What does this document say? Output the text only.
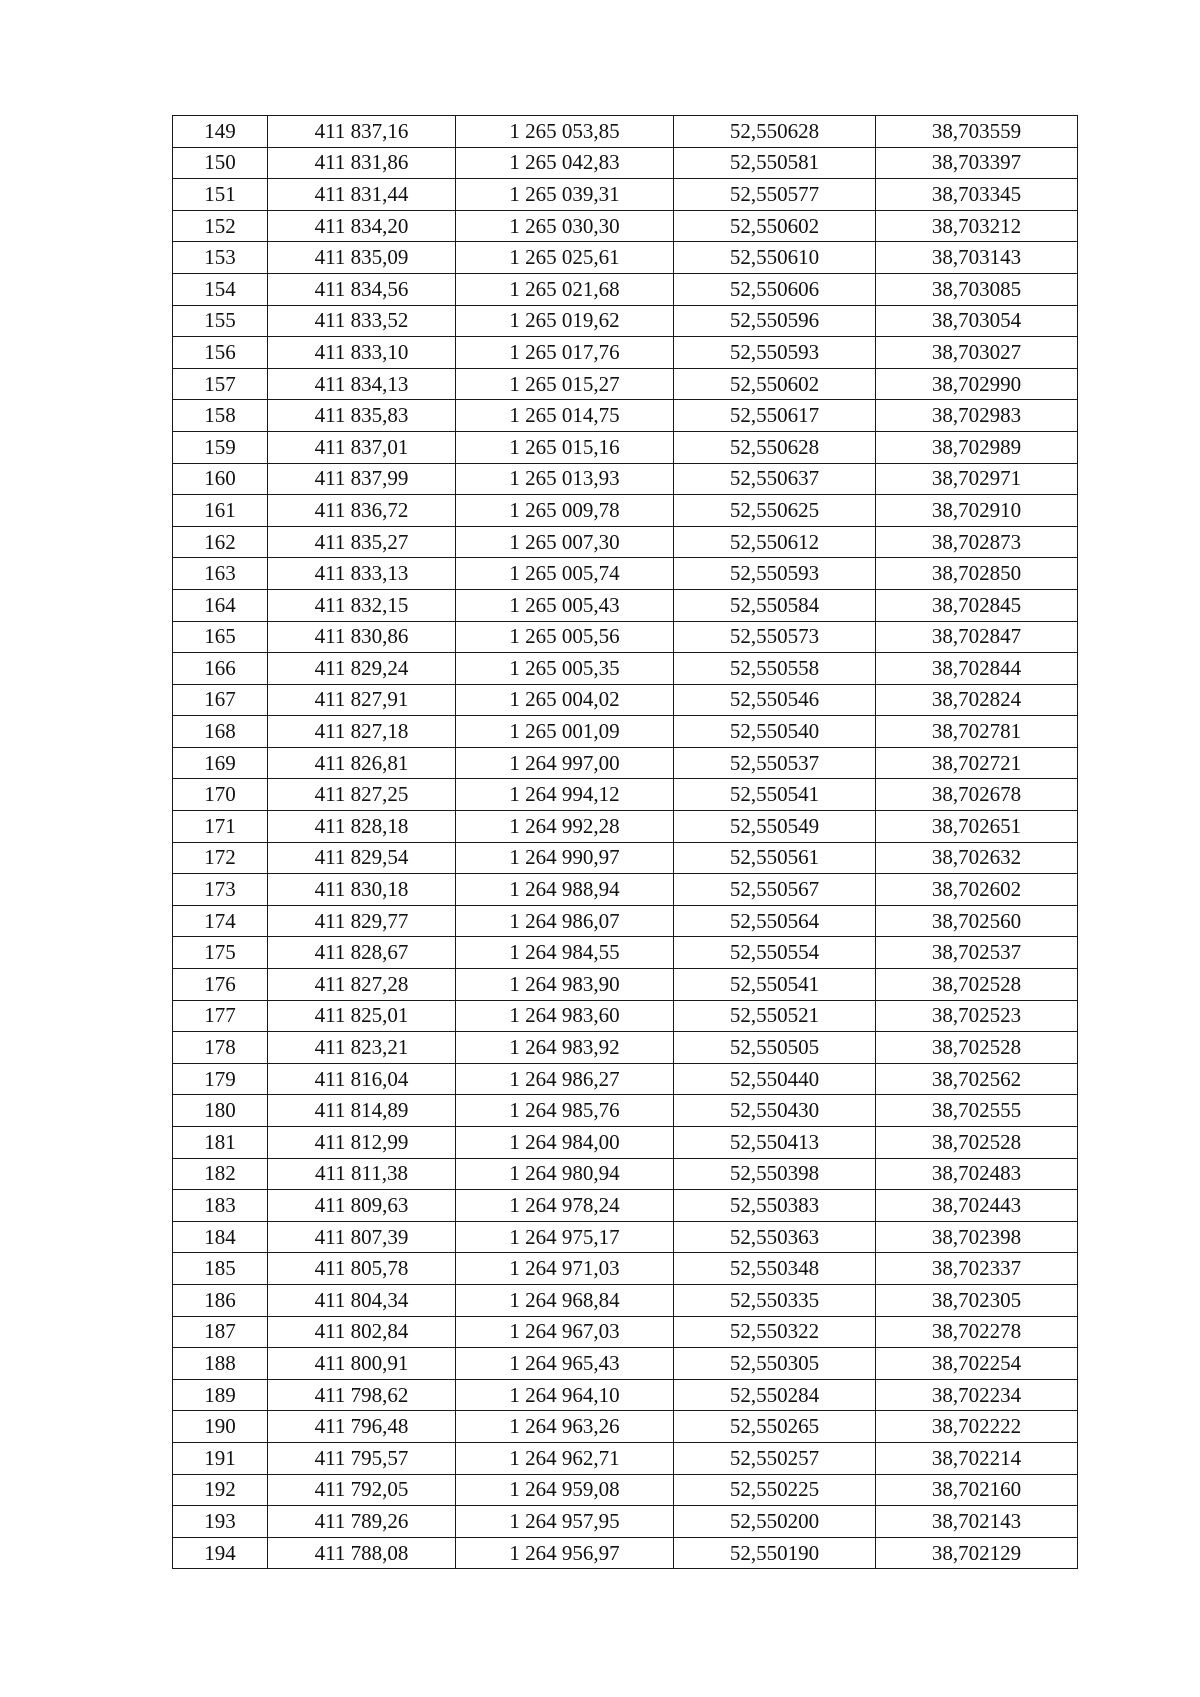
149	411 837,16	1 265 053,85	52,550628	38,703559
150	411 831,86	1 265 042,83	52,550581	38,703397
151	411 831,44	1 265 039,31	52,550577	38,703345
152	411 834,20	1 265 030,30	52,550602	38,703212
153	411 835,09	1 265 025,61	52,550610	38,703143
154	411 834,56	1 265 021,68	52,550606	38,703085
155	411 833,52	1 265 019,62	52,550596	38,703054
156	411 833,10	1 265 017,76	52,550593	38,703027
157	411 834,13	1 265 015,27	52,550602	38,702990
158	411 835,83	1 265 014,75	52,550617	38,702983
159	411 837,01	1 265 015,16	52,550628	38,702989
160	411 837,99	1 265 013,93	52,550637	38,702971
161	411 836,72	1 265 009,78	52,550625	38,702910
162	411 835,27	1 265 007,30	52,550612	38,702873
163	411 833,13	1 265 005,74	52,550593	38,702850
164	411 832,15	1 265 005,43	52,550584	38,702845
165	411 830,86	1 265 005,56	52,550573	38,702847
166	411 829,24	1 265 005,35	52,550558	38,702844
167	411 827,91	1 265 004,02	52,550546	38,702824
168	411 827,18	1 265 001,09	52,550540	38,702781
169	411 826,81	1 264 997,00	52,550537	38,702721
170	411 827,25	1 264 994,12	52,550541	38,702678
171	411 828,18	1 264 992,28	52,550549	38,702651
172	411 829,54	1 264 990,97	52,550561	38,702632
173	411 830,18	1 264 988,94	52,550567	38,702602
174	411 829,77	1 264 986,07	52,550564	38,702560
175	411 828,67	1 264 984,55	52,550554	38,702537
176	411 827,28	1 264 983,90	52,550541	38,702528
177	411 825,01	1 264 983,60	52,550521	38,702523
178	411 823,21	1 264 983,92	52,550505	38,702528
179	411 816,04	1 264 986,27	52,550440	38,702562
180	411 814,89	1 264 985,76	52,550430	38,702555
181	411 812,99	1 264 984,00	52,550413	38,702528
182	411 811,38	1 264 980,94	52,550398	38,702483
183	411 809,63	1 264 978,24	52,550383	38,702443
184	411 807,39	1 264 975,17	52,550363	38,702398
185	411 805,78	1 264 971,03	52,550348	38,702337
186	411 804,34	1 264 968,84	52,550335	38,702305
187	411 802,84	1 264 967,03	52,550322	38,702278
188	411 800,91	1 264 965,43	52,550305	38,702254
189	411 798,62	1 264 964,10	52,550284	38,702234
190	411 796,48	1 264 963,26	52,550265	38,702222
191	411 795,57	1 264 962,71	52,550257	38,702214
192	411 792,05	1 264 959,08	52,550225	38,702160
193	411 789,26	1 264 957,95	52,550200	38,702143
194	411 788,08	1 264 956,97	52,550190	38,702129
